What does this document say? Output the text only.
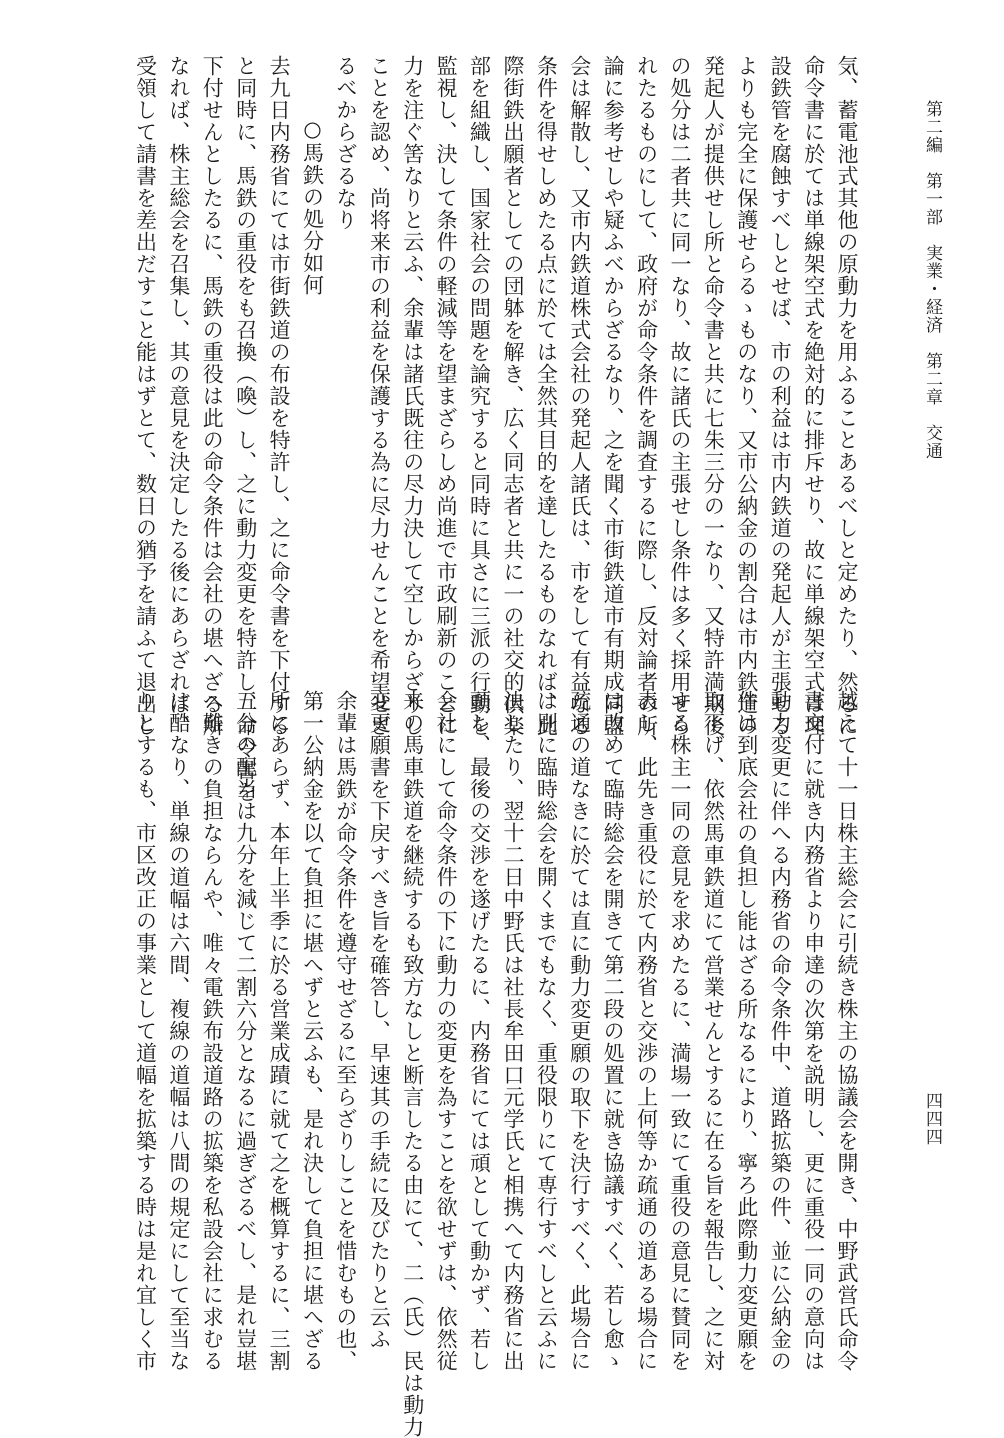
第二編　第一部　実業・経済　第二章　交通
四四四
気、蓄電池式其他の原動力を用ふることあるべしと定めたり、然るに
命令書に於ては単線架空式を絶対的に排斥せり、故に単線架空式は埋
設鉄管を腐蝕すべしとせば、市の利益は市内鉄道の発起人が主張せる
よりも完全に保護せらるゝものなり、又市公納金の割合は市内鉄道の
発起人が提供せし所と命令書と共に七朱三分の一なり、又特許満期後
の処分は二者共に同一なり、故に諸氏の主張せし条件は多く採用せら
れたるものにして、政府が命令条件を調査するに際し、反対論者の所
論に参考せしや疑ふべからざるなり、之を聞く市街鉄道市有期成同盟
会は解散し、又市内鉄道株式会社の発起人諸氏は、市をして有益なる
条件を得せしめたる点に於ては全然其目的を達したるものなれば、此
際街鉄出願者としての団躰を解き、広く同志者と共に一の社交的倶楽
部を組織し、国家社会の問題を論究すると同時に具さに三派の行動を
監視し、決して条件の軽減等を望まざらしめ尚進で市政刷新のことに
力を注ぐ筈なりと云ふ、余輩は諸氏既往の尽力決して空しからざりし
ことを認め、尚将来市の利益を保護する為に尽力せんことを希望せざ
るべからざるなり
○馬鉄の処分如何
去九日内務省にては市街鉄道の布設を特許し、之に命令書を下付する
と同時に、馬鉄の重役をも召換（喚）し、之に動力変更を特許し、命令書を
下付せんとしたるに、馬鉄の重役は此の命令条件は会社の堪へざる所
なれば、株主総会を召集し、其の意見を決定したる後にあらざれば、
受領して請書を差出だすこと能はずとて、数日の猶予を請ふて退出し
越えて十一日株主総会に引続き株主の協議会を開き、中野武営氏命令
書交付に就き内務省より申達の次第を説明し、更に重役一同の意向は
動力変更に伴へる内務省の命令条件中、道路拡築の件、並に公納金の
件は到底会社の負担し能はざる所なるにより、寧ろ此際動力変更願を
取下げ、依然馬車鉄道にて営業せんとするに在る旨を報告し、之に対
する株主一同の意見を求めたるに、満場一致にて重役の意見に賛同を
表し、此先き重役に於て内務省と交渉の上何等か疏通の道ある場合に
は改めて臨時総会を開きて第二段の処置に就き協議すべく、若し愈ゝ
疏通の道なきに於ては直に動力変更願の取下を決行すべく、此場合に
は別に臨時総会を開くまでもなく、重役限りにて専行すべしと云ふに
決したり、翌十二日中野氏は社長牟田口元学氏と相携へて内務省に出
頭し、最後の交渉を遂げたるに、内務省にては頑として動かず、若し
会社にして命令条件の下に動力の変更を為すことを欲せずは、依然従
来の馬車鉄道を継続するも致方なしと断言したる由にて、二（氏）民は動力
変更願書を下戻すべき旨を確答し、早速其の手続に及びたりと云ふ
余輩は馬鉄が命令条件を遵守せざるに至らざりしことを惜むもの也、
第一公納金を以て負担に堪へずと云ふも、是れ決して負担に堪へざる
所にあらず、本年上半季に於る営業成蹟に就て之を概算するに、三割
五分の配当は九分を減じて二割六分となるに過ぎざるべし、是れ豈堪
へ難きの負担ならんや、唯々電鉄布設道路の拡築を私設会社に求むる
は酷なり、単線の道幅は六間、複線の道幅は八間の規定にして至当な
りとするも、市区改正の事業として道幅を拡築する時は是れ宜しく市
